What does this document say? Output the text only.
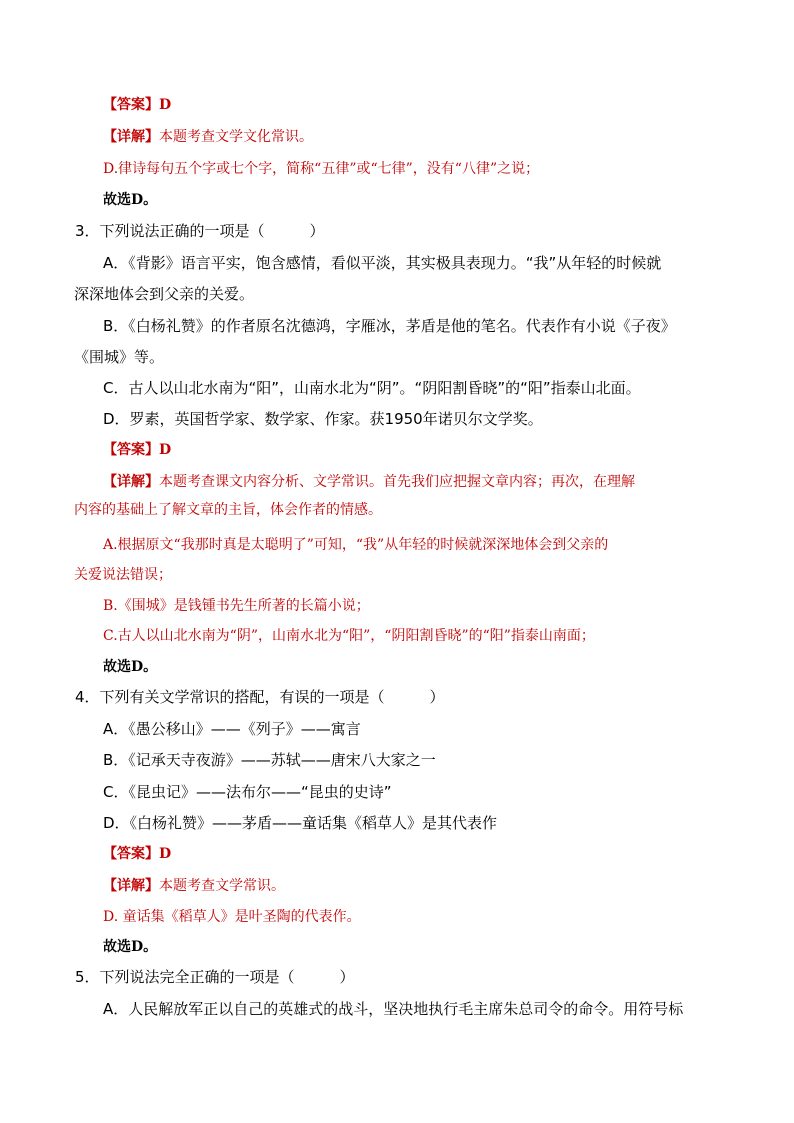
【答案】D
【详解】本题考查文学文化常识。
D.律诗每句五个字或七个字，简称“五律”或“七律”，没有“八律”之说；
故选D。
3．下列说法正确的一项是（　　　）
A．《背影》语言平实，饱含感情，看似平淡，其实极具表现力。“我”从年轻的时候就
深深地体会到父亲的关爱。
B．《白杨礼赞》的作者原名沈德鸿，字雁冰，茅盾是他的笔名。代表作有小说《子夜》
《围城》等。
C．古人以山北水南为“阳”，山南水北为“阴”。“阴阳割昏晓”的“阳”指泰山北面。
D．罗素，英国哲学家、数学家、作家。获1950年诺贝尔文学奖。
【答案】D
【详解】本题考查课文内容分析、文学常识。首先我们应把握文章内容；再次，在理解
内容的基础上了解文章的主旨，体会作者的情感。
A.根据原文“我那时真是太聪明了”可知，“我”从年轻的时候就深深地体会到父亲的
关爱说法错误；
B.《围城》是钱锺书先生所著的长篇小说；
C.古人以山北水南为“阴”，山南水北为“阳”，“阴阳割昏晓”的“阳”指泰山南面；
故选D。
4．下列有关文学常识的搭配，有误的一项是（　　　）
A．《愚公移山》——《列子》——寓言
B．《记承天寺夜游》——苏轼——唐宋八大家之一
C．《昆虫记》——法布尔——“昆虫的史诗”
D．《白杨礼赞》——茅盾——童话集《稻草人》是其代表作
【答案】D
【详解】本题考查文学常识。
D. 童话集《稻草人》是叶圣陶的代表作。
故选D。
5．下列说法完全正确的一项是（　　　）
A．人民解放军正以自己的英雄式的战斗，坚决地执行毛主席朱总司令的命令。用符号标
